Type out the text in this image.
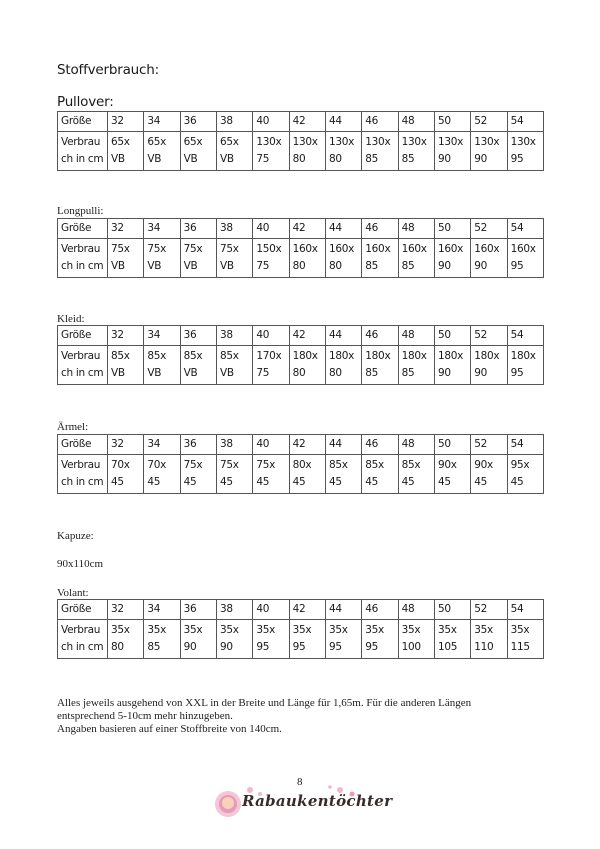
Stoffverbrauch:
Pullover:
Größe	32	34	36	38	40	42	44	46	48	50	52	54
Verbrauch in cm	65x VB	65x VB	65x VB	65x VB	130x 75	130x 80	130x 80	130x 85	130x 85	130x 90	130x 90	130x 95
Longpulli:
Größe	32	34	36	38	40	42	44	46	48	50	52	54
Verbrauch in cm	75x VB	75x VB	75x VB	75x VB	150x 75	160x 80	160x 80	160x 85	160x 85	160x 90	160x 90	160x 95
Kleid:
Größe	32	34	36	38	40	42	44	46	48	50	52	54
Verbrauch in cm	85x VB	85x VB	85x VB	85x VB	170x 75	180x 80	180x 80	180x 85	180x 85	180x 90	180x 90	180x 95
Ärmel:
Größe	32	34	36	38	40	42	44	46	48	50	52	54
Verbrauch in cm	70x 45	70x 45	75x 45	75x 45	75x 45	80x 45	85x 45	85x 45	85x 45	90x 45	90x 45	95x 45
Kapuze:
90x110cm
Volant:
Größe	32	34	36	38	40	42	44	46	48	50	52	54
Verbrauch in cm	35x 80	35x 85	35x 90	35x 90	35x 95	35x 95	35x 95	35x 95	35x 100	35x 105	35x 110	35x 115
Alles jeweils ausgehend von XXL in der Breite und Länge für 1,65m. Für die anderen Längen
entsprechend 5-10cm mehr hinzugeben.
Angaben basieren auf einer Stoffbreite von 140cm.
8
Rabaukentöchter
